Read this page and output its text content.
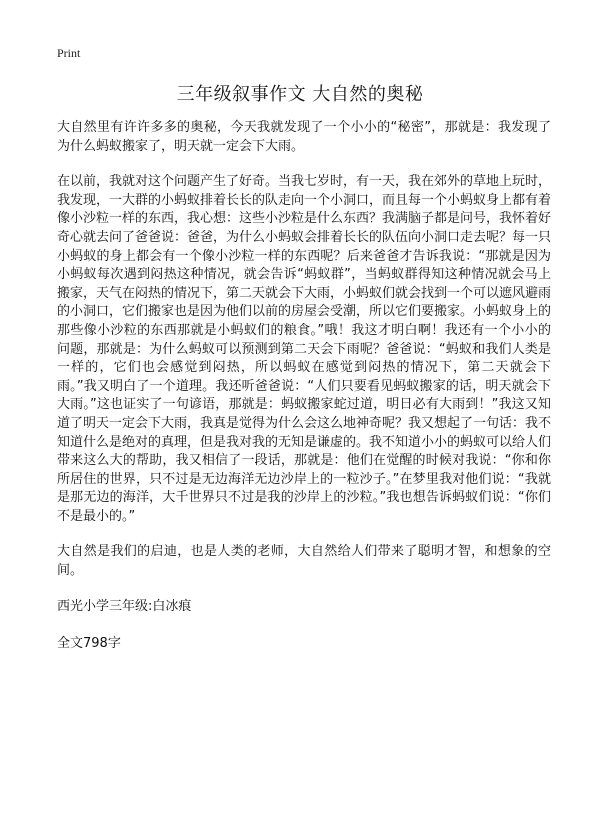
Print
三年级叙事作文 大自然的奥秘

大自然里有许许多多的奥秘，今天我就发现了一个小小的“秘密”，那就是：我发现了为什么蚂蚁搬家了，明天就一定会下大雨。

在以前，我就对这个问题产生了好奇。当我七岁时，有一天，我在郊外的草地上玩时，我发现，一大群的小蚂蚁排着长长的队走向一个小洞口，而且每一个小蚂蚁身上都有着像小沙粒一样的东西，我心想：这些小沙粒是什么东西？我满脑子都是问号，我怀着好奇心就去问了爸爸说：爸爸，为什么小蚂蚁会排着长长的队伍向小洞口走去呢？每一只小蚂蚁的身上都会有一个像小沙粒一样的东西呢？后来爸爸才告诉我说：“那就是因为小蚂蚁每次遇到闷热这种情况，就会告诉“蚂蚁群”，当蚂蚁群得知这种情况就会马上搬家，天气在闷热的情况下，第二天就会下大雨，小蚂蚁们就会找到一个可以遮风避雨的小洞口，它们搬家也是因为他们以前的房屋会受潮，所以它们要搬家。小蚂蚁身上的那些像小沙粒的东西那就是小蚂蚁们的粮食。”哦！我这才明白啊！我还有一个小小的问题，那就是：为什么蚂蚁可以预测到第二天会下雨呢？爸爸说：“蚂蚁和我们人类是一样的，它们也会感觉到闷热，所以蚂蚁在感觉到闷热的情况下，第二天就会下雨。”我又明白了一个道理。我还听爸爸说：“人们只要看见蚂蚁搬家的话，明天就会下大雨。”这也证实了一句谚语，那就是：蚂蚁搬家蛇过道，明日必有大雨到！”我这又知道了明天一定会下大雨，我真是觉得为什么会这么地神奇呢？我又想起了一句话：我不知道什么是绝对的真理，但是我对我的无知是谦虚的。我不知道小小的蚂蚁可以给人们带来这么大的帮助，我又相信了一段话，那就是：他们在觉醒的时候对我说：“你和你所居住的世界，只不过是无边海洋无边沙岸上的一粒沙子。”在梦里我对他们说：“我就是那无边的海洋，大千世界只不过是我的沙岸上的沙粒。”我也想告诉蚂蚁们说：“你们不是最小的。”

大自然是我们的启迪，也是人类的老师，大自然给人们带来了聪明才智，和想象的空间。

西光小学三年级:白冰痕

全文798字
